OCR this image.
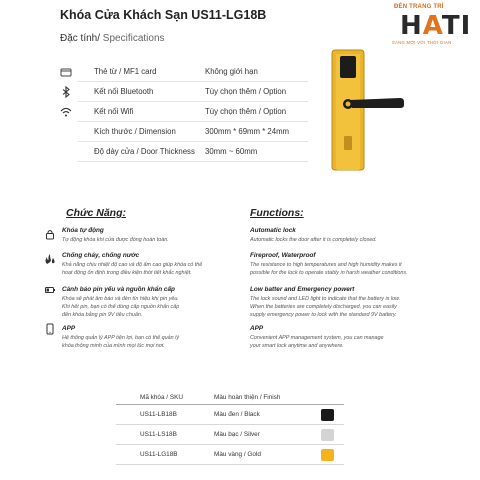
Khóa Cửa Khách Sạn US11-LG18B
Đặc tính/ Specifications
ĐÈN TRANG TRÍ
HATI
SANG MỚI VỚI THỜI GIAN
Thẻ từ / MF1 card	Không giới hạn
Kết nối Bluetooth	Tùy chọn thêm / Option
Kết nối Wifi	Tùy chọn thêm / Option
Kích thước / Dimension	300mm * 69mm * 24mm
Độ dày cửa / Door Thickness 30mm ~ 60mm
Chức Năng:	Functions:
Khóa tự động
Tự động khóa khi cửa được đóng hoàn toàn.
Chống cháy, chống nước
Khả năng chịu nhiệt độ cao và độ ẩm cao giúp khóa có thể
hoạt động ổn định trong điều kiện thời tiết khắc nghiệt.
Cảnh báo pin yếu và nguồn khẩn cấp
Khóa sẽ phát âm báo và đèn tín hiệu khi pin yếu.
Khi hết pin, bạn có thể dùng cấp nguồn khẩn cấp
đến khóa bằng pin 9V tiêu chuẩn.
APP
Hệ thống quản lý APP tiện lợi, bạn có thể quản lý
khóa thông minh của mình mọi lúc mọi nơi.
Automatic lock
Automatic locks the door after it is completely closed.
Fireproof, Waterproof
The resistance to high temperatures and high humidity makes it
possible for the lock to operate stably in harsh weather conditions.
Low batter and Emergency powert
The lock sound and LED light to indicate that the battery is low.
When the batteries are completely discharged, you can easily
supply emergency power to lock with the standard 9V battery.
APP
Convenient APP management system, you can manage
your smart lock anytime and anywhere.
Mã khóa / SKU	Màu hoàn thiện / Finish
US11-LB18B	Màu đen / Black
US11-LS18B	Màu bạc / Silver
US11-LG18B	Màu vàng / Gold
